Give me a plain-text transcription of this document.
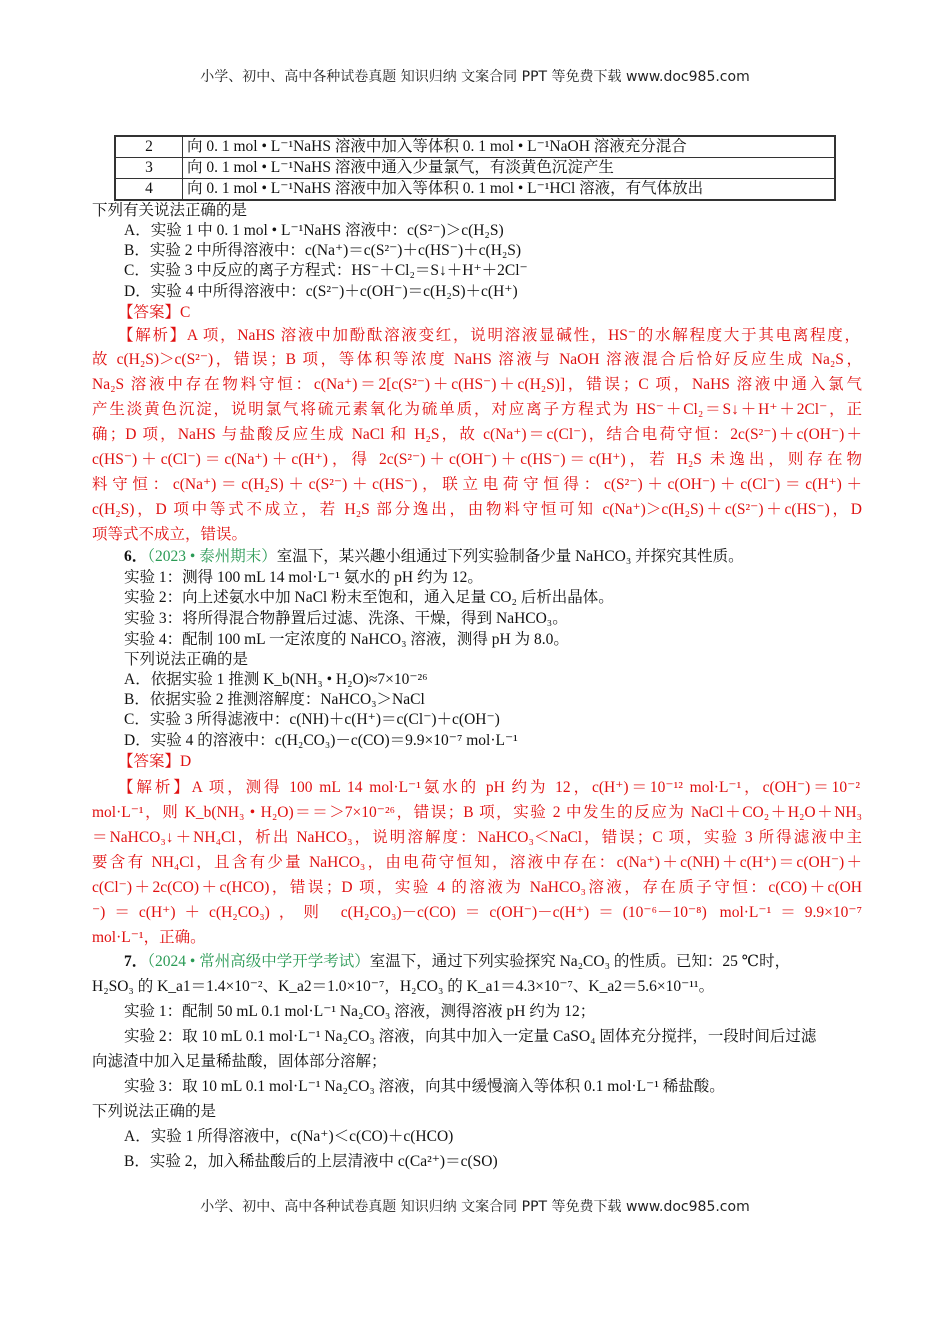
小学、初中、高中各种试卷真题 知识归纳 文案合同 PPT 等免费下载 www.doc985.com
2	向 0. 1 mol • L⁻¹NaHS 溶液中加入等体积 0. 1 mol • L⁻¹NaOH 溶液充分混合
3	向 0. 1 mol • L⁻¹NaHS 溶液中通入少量氯气，有淡黄色沉淀产生
4	向 0. 1 mol • L⁻¹NaHS 溶液中加入等体积 0. 1 mol • L⁻¹HCl 溶液，有气体放出
下列有关说法正确的是
A．实验 1 中 0. 1 mol • L⁻¹NaHS 溶液中：c(S²⁻)＞c(H₂S)
B．实验 2 中所得溶液中：c(Na⁺)＝c(S²⁻)＋c(HS⁻)＋c(H₂S)
C．实验 3 中反应的离子方程式：HS⁻＋Cl₂＝S↓＋H⁺＋2Cl⁻
D．实验 4 中所得溶液中：c(S²⁻)＋c(OH⁻)＝c(H₂S)＋c(H⁺)
【答案】C
【解析】A 项，NaHS 溶液中加酚酞溶液变红，说明溶液显碱性，HS⁻的水解程度大于其电离程度，
故 c(H₂S)＞c(S²⁻)，错误；B 项，等体积等浓度 NaHS 溶液与 NaOH 溶液混合后恰好反应生成 Na₂S，
Na₂S 溶液中存在物料守恒：c(Na⁺)＝2[c(S²⁻)＋c(HS⁻)＋c(H₂S)]，错误；C 项，NaHS 溶液中通入氯气
产生淡黄色沉淀，说明氯气将硫元素氧化为硫单质，对应离子方程式为 HS⁻＋Cl₂＝S↓＋H⁺＋2Cl⁻，正
确；D 项，NaHS 与盐酸反应生成 NaCl 和 H₂S，故 c(Na⁺)＝c(Cl⁻)，结合电荷守恒：2c(S²⁻)＋c(OH⁻)＋
c(HS⁻)＋c(Cl⁻)＝c(Na⁺)＋c(H⁺)，得 2c(S²⁻)＋c(OH⁻)＋c(HS⁻)＝c(H⁺)，若 H₂S 未逸出，则存在物
料守恒：c(Na⁺)＝c(H₂S)＋c(S²⁻)＋c(HS⁻)，联立电荷守恒得：c(S²⁻)＋c(OH⁻)＋c(Cl⁻)＝c(H⁺)＋
c(H₂S)，D 项中等式不成立，若 H₂S 部分逸出，由物料守恒可知 c(Na⁺)＞c(H₂S)＋c(S²⁻)＋c(HS⁻)，D
项等式不成立，错误。
6．（2023 • 泰州期末）室温下，某兴趣小组通过下列实验制备少量 NaHCO₃ 并探究其性质。
实验 1：测得 100 mL 14 mol·L⁻¹ 氨水的 pH 约为 12。
实验 2：向上述氨水中加 NaCl 粉末至饱和，通入足量 CO₂ 后析出晶体。
实验 3：将所得混合物静置后过滤、洗涤、干燥，得到 NaHCO₃。
实验 4：配制 100 mL 一定浓度的 NaHCO₃ 溶液，测得 pH 为 8.0。
下列说法正确的是
A．依据实验 1 推测 K_b(NH₃ • H₂O)≈7×10⁻²⁶
B．依据实验 2 推测溶解度：NaHCO₃＞NaCl
C．实验 3 所得滤液中：c(NH)＋c(H⁺)＝c(Cl⁻)＋c(OH⁻)
D．实验 4 的溶液中：c(H₂CO₃)－c(CO)＝9.9×10⁻⁷ mol·L⁻¹
【答案】D
【解析】A 项，测得 100 mL 14 mol·L⁻¹氨水的 pH 约为 12，c(H⁺)＝10⁻¹² mol·L⁻¹，c(OH⁻)＝10⁻²
mol·L⁻¹，则 K_b(NH₃ • H₂O)＝＝＞7×10⁻²⁶，错误；B 项，实验 2 中发生的反应为 NaCl＋CO₂＋H₂O＋NH₃
＝NaHCO₃↓＋NH₄Cl，析出 NaHCO₃，说明溶解度：NaHCO₃＜NaCl，错误；C 项，实验 3 所得滤液中主
要含有 NH₄Cl，且含有少量 NaHCO₃，由电荷守恒知，溶液中存在：c(Na⁺)＋c(NH)＋c(H⁺)＝c(OH⁻)＋
c(Cl⁻)＋2c(CO)＋c(HCO)，错误；D 项，实验 4 的溶液为 NaHCO₃溶液，存在质子守恒：c(CO)＋c(OH
⁻)＝c(H⁺)＋c(H₂CO₃)，则 c(H₂CO₃)－c(CO)＝c(OH⁻)－c(H⁺)＝(10⁻⁶－10⁻⁸) mol·L⁻¹＝9.9×10⁻⁷
mol·L⁻¹，正确。
7．（2024 • 常州高级中学开学考试）室温下，通过下列实验探究 Na₂CO₃ 的性质。已知：25 ℃时，
H₂SO₃ 的 K_a1＝1.4×10⁻²、K_a2＝1.0×10⁻⁷，H₂CO₃ 的 K_a1＝4.3×10⁻⁷、K_a2＝5.6×10⁻¹¹。
实验 1：配制 50 mL 0.1 mol·L⁻¹ Na₂CO₃ 溶液，测得溶液 pH 约为 12；
实验 2：取 10 mL 0.1 mol·L⁻¹ Na₂CO₃ 溶液，向其中加入一定量 CaSO₄ 固体充分搅拌，一段时间后过滤
向滤渣中加入足量稀盐酸，固体部分溶解；
实验 3：取 10 mL 0.1 mol·L⁻¹ Na₂CO₃ 溶液，向其中缓慢滴入等体积 0.1 mol·L⁻¹ 稀盐酸。
下列说法正确的是
A．实验 1 所得溶液中，c(Na⁺)＜c(CO)＋c(HCO)
B．实验 2，加入稀盐酸后的上层清液中 c(Ca²⁺)＝c(SO)
小学、初中、高中各种试卷真题 知识归纳 文案合同 PPT 等免费下载 www.doc985.com
